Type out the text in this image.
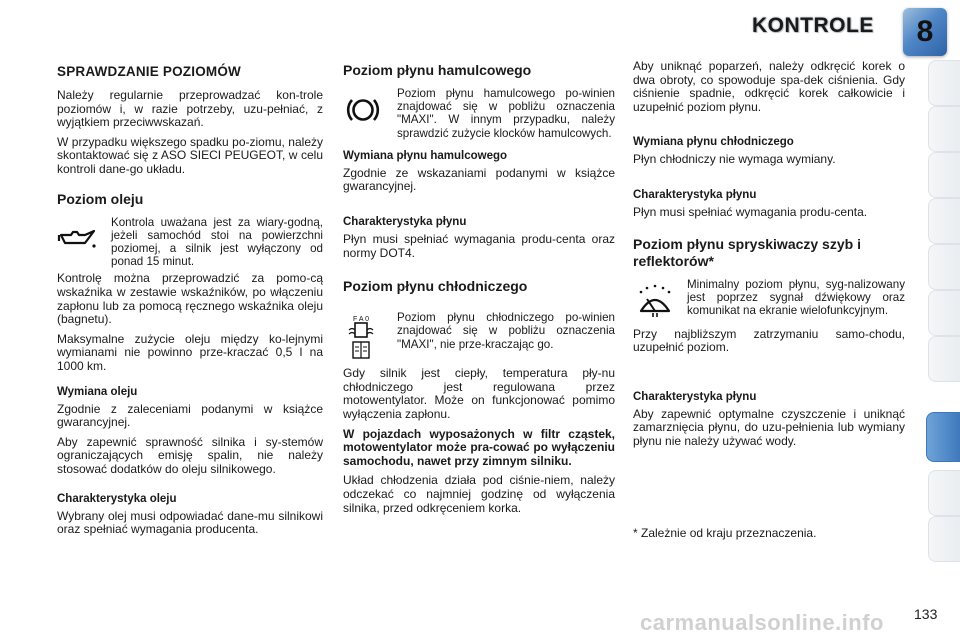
KONTROLE	8
SPRAWDZANIE POZIOMÓW

Należy regularnie przeprowadzać kon-trole poziomów i, w razie potrzeby, uzu-pełniać, z wyjątkiem przeciwwskazań.

W przypadku większego spadku po-ziomu, należy skontaktować się z ASO SIECI PEUGEOT, w celu kontroli dane-go układu.

Poziom oleju

Kontrola uważana jest za wiary-godną, jeżeli samochód stoi na powierzchni poziomej, a silnik jest wyłączony od ponad 15 minut.

Kontrolę można przeprowadzić za pomo-cą wskaźnika w zestawie wskaźników, po włączeniu zapłonu lub za pomocą ręcznego wskaźnika oleju (bagnetu).

Maksymalne zużycie oleju między ko-lejnymi wymianami nie powinno prze-kraczać 0,5 l na 1000 km.

Wymiana oleju

Zgodnie z zaleceniami podanymi w książce gwarancyjnej.

Aby zapewnić sprawność silnika i sy-stemów ograniczających emisję spalin, nie należy stosować dodatków do oleju silnikowego.

Charakterystyka oleju

Wybrany olej musi odpowiadać dane-mu silnikowi oraz spełniać wymagania producenta.

Poziom płynu hamulcowego

Poziom płynu hamulcowego po-winien znajdować się w pobliżu oznaczenia "MAXI". W innym przypadku, należy sprawdzić zużycie klocków hamulcowych.

Wymiana płynu hamulcowego

Zgodnie ze wskazaniami podanymi w książce gwarancyjnej.

Charakterystyka płynu

Płyn musi spełniać wymagania produ-centa oraz normy DOT4.

Poziom płynu chłodniczego
F A 0 Poziom płynu chłodniczego po-winien znajdować się w pobliżu oznaczenia "MAXI", nie prze-kraczając go.

Gdy silnik jest ciepły, temperatura pły-nu chłodniczego jest regulowana przez motowentylator. Może on funkcjonować pomimo wyłączenia zapłonu.

W pojazdach wyposażonych w filtr cząstek, motowentylator może pra-cować po wyłączeniu samochodu, nawet przy zimnym silniku.

Układ chłodzenia działa pod ciśnie-niem, należy odczekać co najmniej godzinę od wyłączenia silnika, przed odkręceniem korka.

Aby uniknąć poparzeń, należy odkręcić korek o dwa obroty, co spowoduje spa-dek ciśnienia. Gdy ciśnienie spadnie, odkręcić korek całkowicie i uzupełnić poziom płynu.

Wymiana płynu chłodniczego

Płyn chłodniczy nie wymaga wymiany.

Charakterystyka płynu

Płyn musi spełniać wymagania produ-centa.

Poziom płynu spryskiwaczy szyb i reflektorów*

Minimalny poziom płynu, syg-nalizowany jest poprzez sygnał dźwiękowy oraz komunikat na ekranie wielofunkcyjnym.

Przy najbliższym zatrzymaniu samo-chodu, uzupełnić poziom.

Charakterystyka płynu

Aby zapewnić optymalne czyszczenie i uniknąć zamarznięcia płynu, do uzu-pełnienia lub wymiany płynu nie należy używać wody.

* Zależnie od kraju przeznaczenia.

carmanualsonline.info 133
